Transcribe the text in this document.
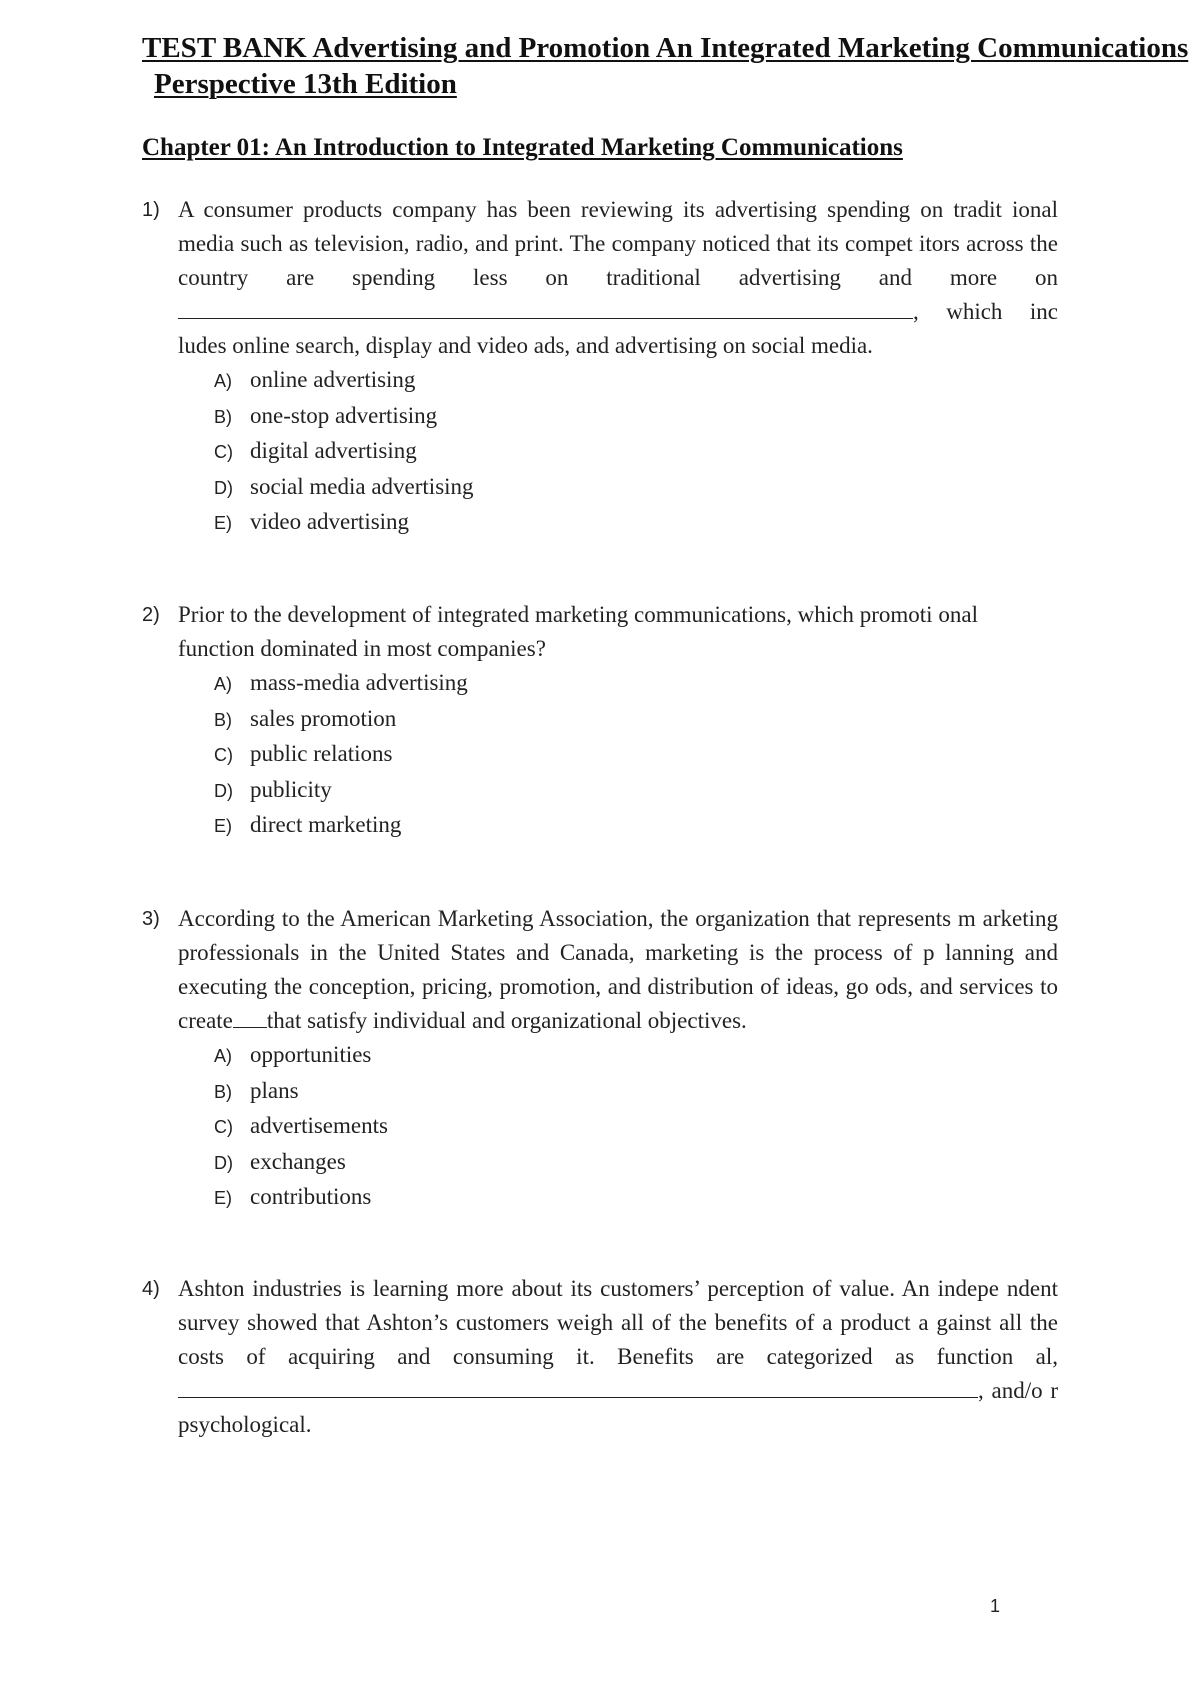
TEST BANK Advertising and Promotion An Integrated Marketing Communications
Perspective 13th Edition
Chapter 01: An Introduction to Integrated Marketing Communications
1) A consumer products company has been reviewing its advertising spending on tradit ional media such as television, radio, and print. The company noticed that its compet itors across the country are spending less on traditional advertising and more on , which inc ludes online search, display and video ads, and advertising on social media.
A) online advertising
B) one-stop advertising
C) digital advertising
D) social media advertising
E) video advertising
2) Prior to the development of integrated marketing communications, which promoti onal function dominated in most companies?
A) mass-media advertising
B) sales promotion
C) public relations
D) publicity
E) direct marketing
3) According to the American Marketing Association, the organization that represents m arketing professionals in the United States and Canada, marketing is the process of p lanning and executing the conception, pricing, promotion, and distribution of ideas, go ods, and services to create that satisfy individual and organizational objectives.
A) opportunities
B) plans
C) advertisements
D) exchanges
E) contributions
4) Ashton industries is learning more about its customers’ perception of value. An indepe ndent survey showed that Ashton’s customers weigh all of the benefits of a product a gainst all the costs of acquiring and consuming it. Benefits are categorized as function al, , and/o r psychological.
1
